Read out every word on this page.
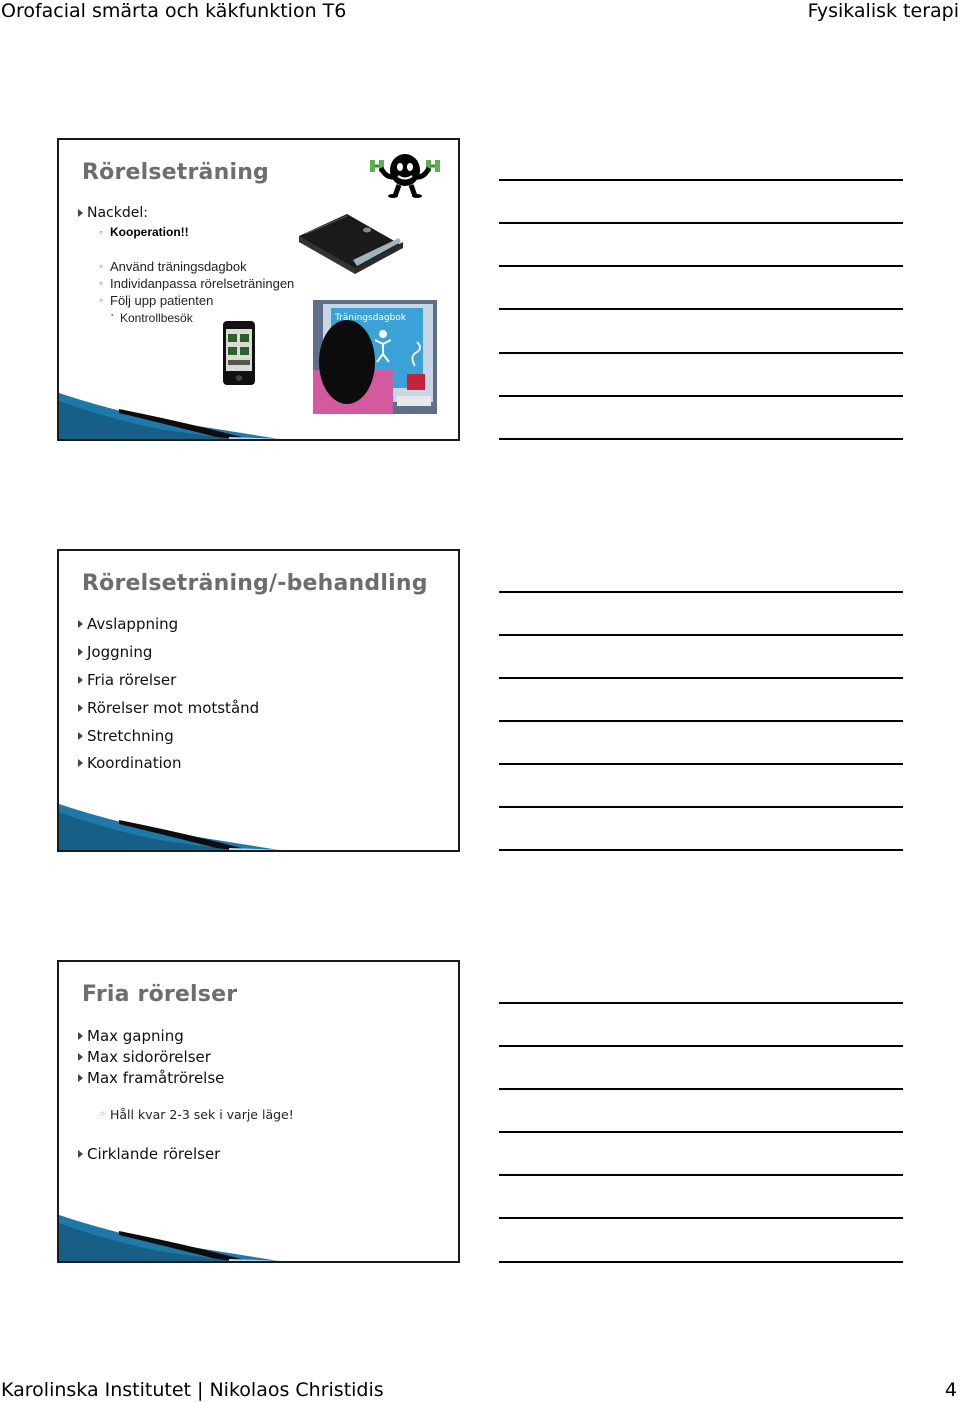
Orofacial smärta och käkfunktion T6	Fysikalisk terapi
Rörelseträning
Nackdel:
◦ Kooperation!!
◦ Använd träningsdagbok
◦ Individanpassa rörelseträningen
◦ Följ upp patienten
▪ Kontrollbesök	Träningsdagbok
Rörelseträning/-behandling
Avslappning
Joggning
Fria rörelser
Rörelser mot motstånd
Stretchning
Koordination
Fria rörelser
Max gapning
Max sidorörelser
Max framåtrörelse
◦ Håll kvar 2-3 sek i varje läge!
Cirklande rörelser
Karolinska Institutet | Nikolaos Christidis	4
